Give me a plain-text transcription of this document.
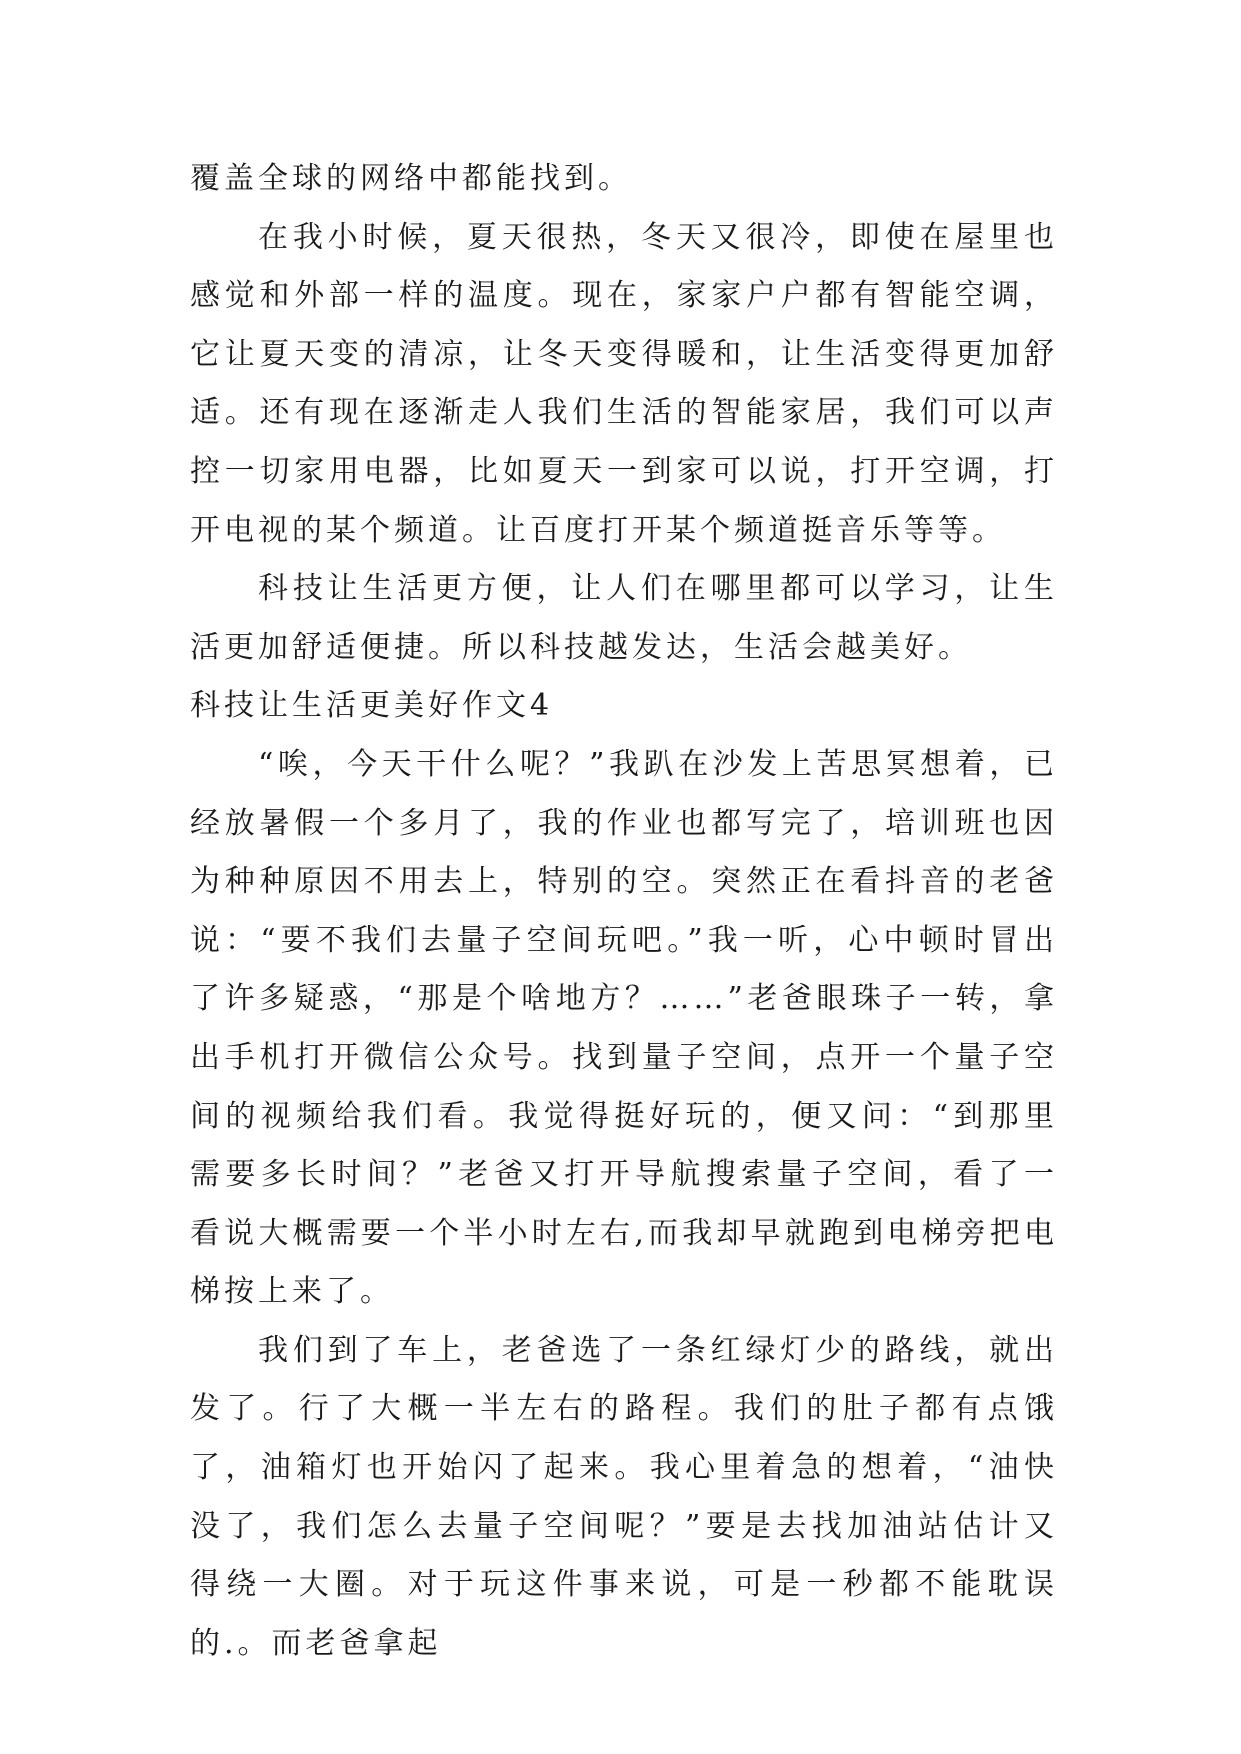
覆盖全球的网络中都能找到。

在我小时候，夏天很热，冬天又很冷，即使在屋里也感觉和外部一样的温度。现在，家家户户都有智能空调，它让夏天变的清凉，让冬天变得暖和，让生活变得更加舒适。还有现在逐渐走人我们生活的智能家居，我们可以声控一切家用电器，比如夏天一到家可以说，打开空调，打开电视的某个频道。让百度打开某个频道挺音乐等等。

科技让生活更方便，让人们在哪里都可以学习，让生活更加舒适便捷。所以科技越发达，生活会越美好。

科技让生活更美好作文4

“唉，今天干什么呢？”我趴在沙发上苦思冥想着，已经放暑假一个多月了，我的作业也都写完了，培训班也因为种种原因不用去上，特别的空。突然正在看抖音的老爸说：“要不我们去量子空间玩吧。”我一听，心中顿时冒出了许多疑惑，“那是个啥地方？……”老爸眼珠子一转，拿出手机打开微信公众号。找到量子空间，点开一个量子空间的视频给我们看。我觉得挺好玩的，便又问：“到那里需要多长时间？”老爸又打开导航搜索量子空间，看了一看说大概需要一个半小时左右,而我却早就跑到电梯旁把电梯按上来了。

我们到了车上，老爸选了一条红绿灯少的路线，就出发了。行了大概一半左右的路程。我们的肚子都有点饿了，油箱灯也开始闪了起来。我心里着急的想着，“油快没了，我们怎么去量子空间呢？”要是去找加油站估计又得绕一大圈。对于玩这件事来说，可是一秒都不能耽误的.。而老爸拿起
